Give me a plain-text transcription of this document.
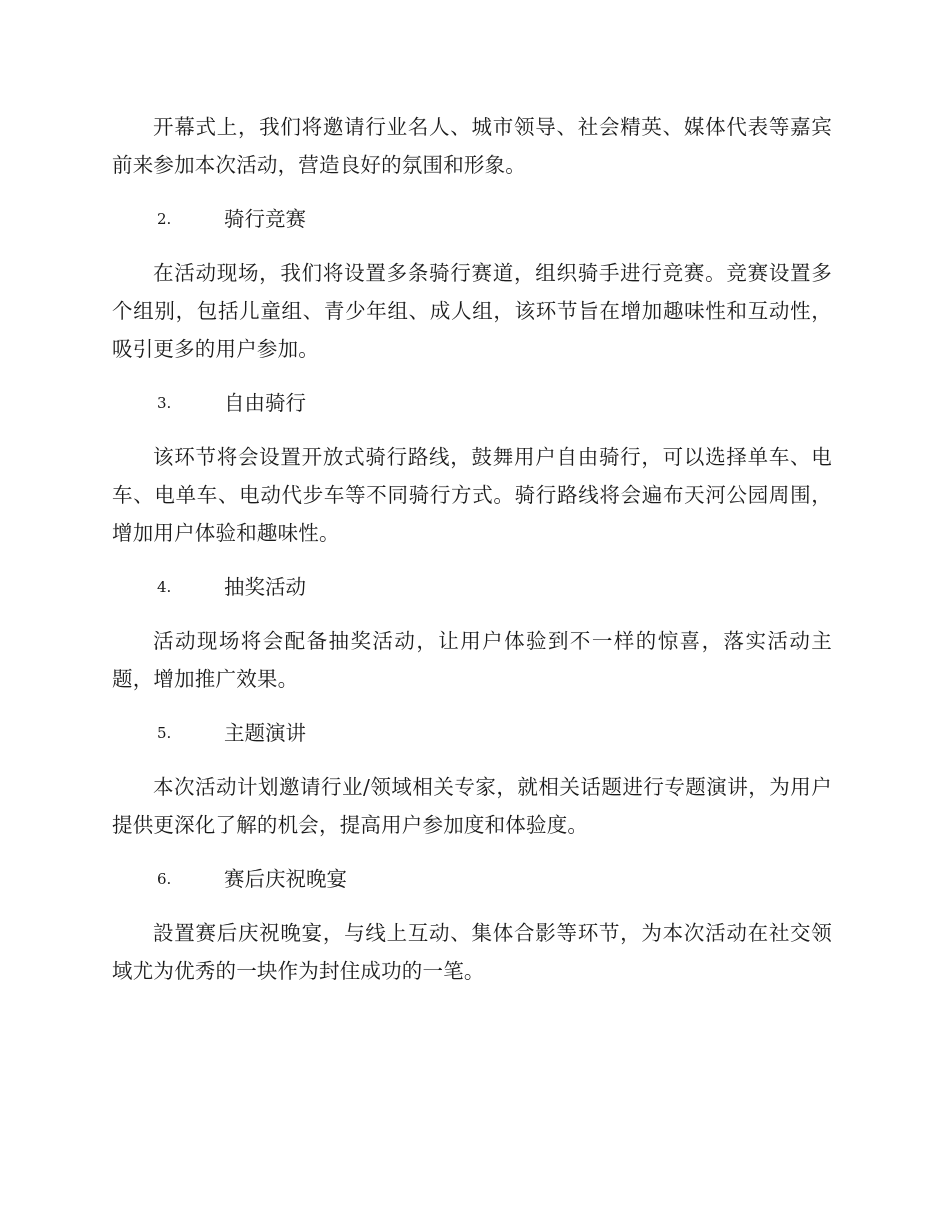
开幕式上，我们将邀请行业名人、城市领导、社会精英、媒体代表等嘉宾前来参加本次活动，营造良好的氛围和形象。

2.	骑行竞赛

在活动现场，我们将设置多条骑行赛道，组织骑手进行竞赛。竞赛设置多个组别，包括儿童组、青少年组、成人组，该环节旨在增加趣味性和互动性，吸引更多的用户参加。

3.	自由骑行

该环节将会设置开放式骑行路线，鼓舞用户自由骑行，可以选择单车、电车、电单车、电动代步车等不同骑行方式。骑行路线将会遍布天河公园周围，增加用户体验和趣味性。

4.	抽奖活动

活动现场将会配备抽奖活动，让用户体验到不一样的惊喜，落实活动主题，增加推广效果。

5.	主题演讲

本次活动计划邀请行业/领域相关专家，就相关话题进行专题演讲，为用户提供更深化了解的机会，提高用户参加度和体验度。

6.	赛后庆祝晚宴

設置赛后庆祝晚宴，与线上互动、集体合影等环节，为本次活动在社交领域尤为优秀的一块作为封住成功的一笔。
